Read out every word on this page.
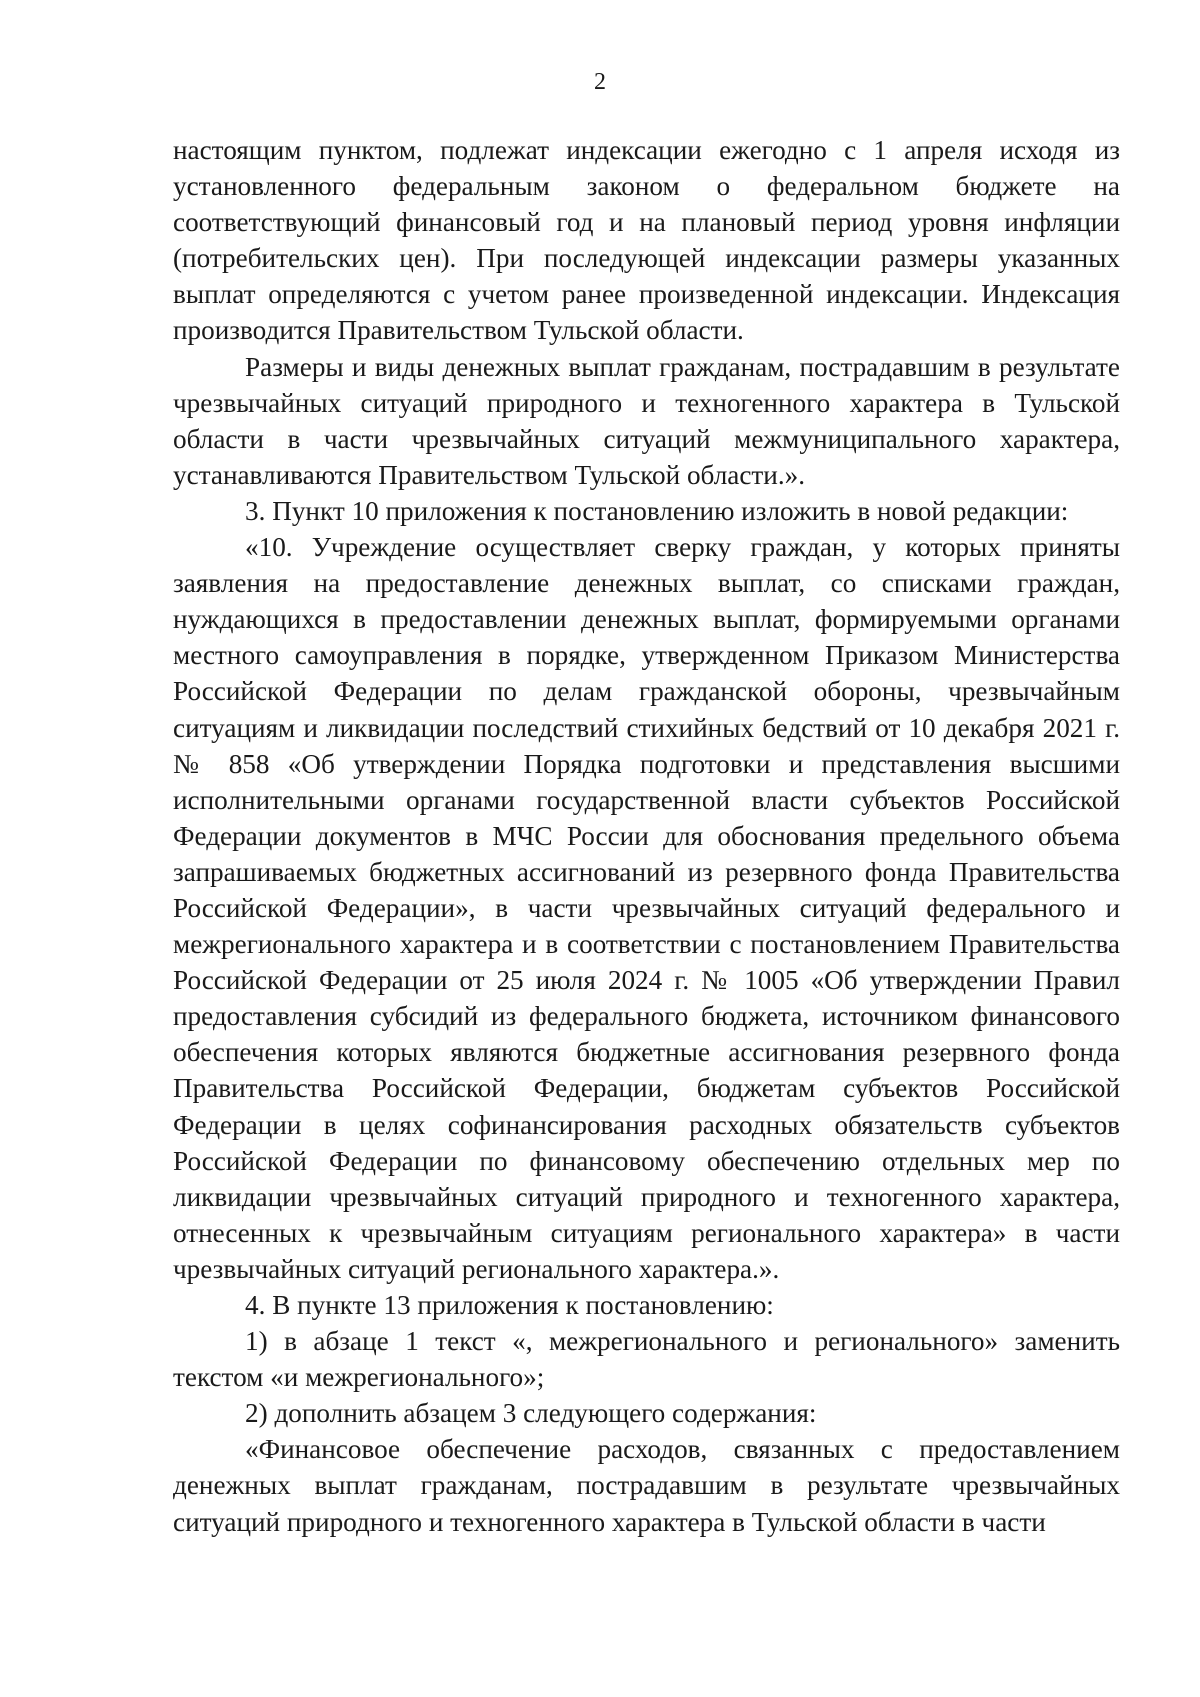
2

настоящим пунктом, подлежат индексации ежегодно с 1 апреля исходя из установленного федеральным законом о федеральном бюджете на соответствующий финансовый год и на плановый период уровня инфляции (потребительских цен). При последующей индексации размеры указанных выплат определяются с учетом ранее произведенной индексации. Индексация производится Правительством Тульской области.

Размеры и виды денежных выплат гражданам, пострадавшим в результате чрезвычайных ситуаций природного и техногенного характера в Тульской области в части чрезвычайных ситуаций межмуниципального характера, устанавливаются Правительством Тульской области.».

3. Пункт 10 приложения к постановлению изложить в новой редакции:

«10. Учреждение осуществляет сверку граждан, у которых приняты заявления на предоставление денежных выплат, со списками граждан, нуждающихся в предоставлении денежных выплат, формируемыми органами местного самоуправления в порядке, утвержденном Приказом Министерства Российской Федерации по делам гражданской обороны, чрезвычайным ситуациям и ликвидации последствий стихийных бедствий от 10 декабря 2021 г. № 858 «Об утверждении Порядка подготовки и представления высшими исполнительными органами государственной власти субъектов Российской Федерации документов в МЧС России для обоснования предельного объема запрашиваемых бюджетных ассигнований из резервного фонда Правительства Российской Федерации», в части чрезвычайных ситуаций федерального и межрегионального характера и в соответствии с постановлением Правительства Российской Федерации от 25 июля 2024 г. № 1005 «Об утверждении Правил предоставления субсидий из федерального бюджета, источником финансового обеспечения которых являются бюджетные ассигнования резервного фонда Правительства Российской Федерации, бюджетам субъектов Российской Федерации в целях софинансирования расходных обязательств субъектов Российской Федерации по финансовому обеспечению отдельных мер по ликвидации чрезвычайных ситуаций природного и техногенного характера, отнесенных к чрезвычайным ситуациям регионального характера» в части чрезвычайных ситуаций регионального характера.».

4. В пункте 13 приложения к постановлению:

1) в абзаце 1 текст «, межрегионального и регионального» заменить текстом «и межрегионального»;

2) дополнить абзацем 3 следующего содержания:

«Финансовое обеспечение расходов, связанных с предоставлением денежных выплат гражданам, пострадавшим в результате чрезвычайных ситуаций природного и техногенного характера в Тульской области в части
